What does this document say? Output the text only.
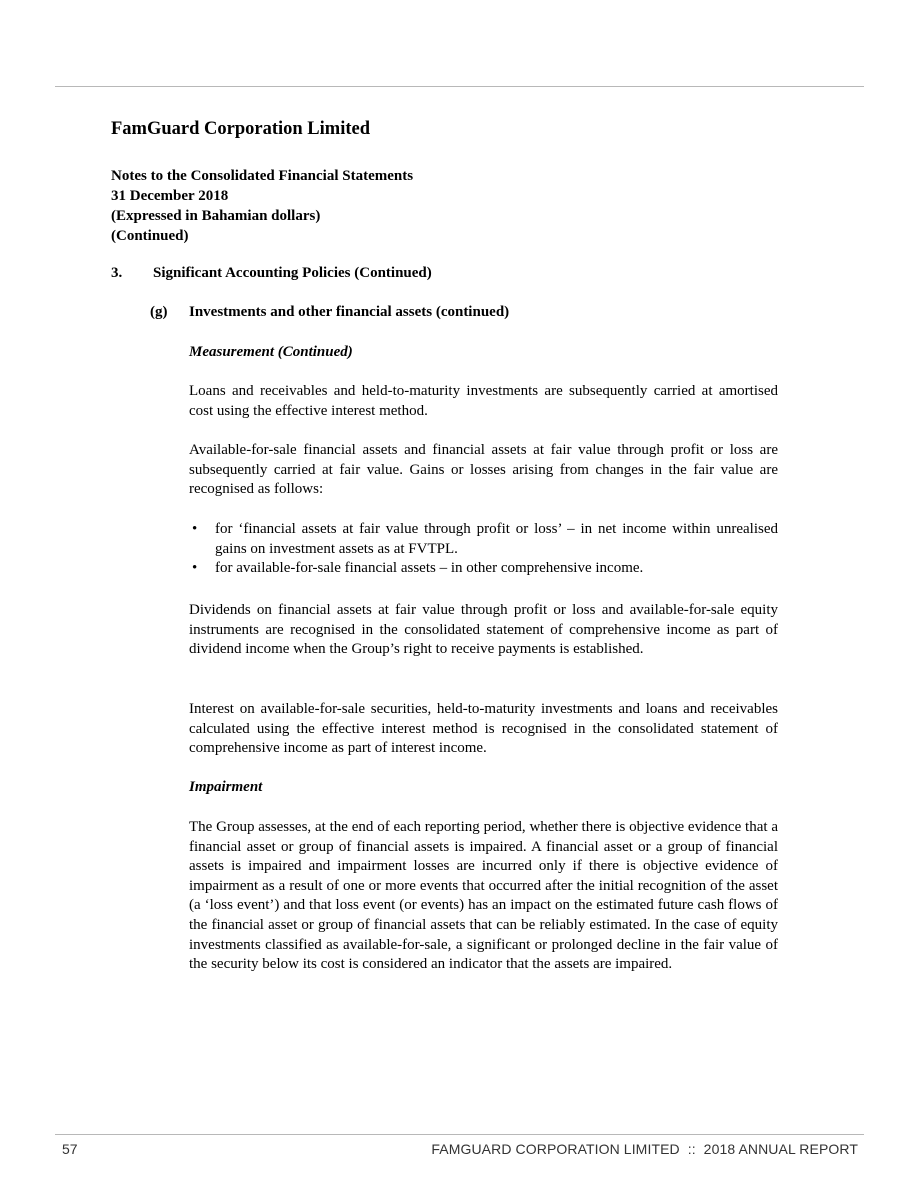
FamGuard Corporation Limited
Notes to the Consolidated Financial Statements
31 December 2018
(Expressed in Bahamian dollars)
(Continued)
3. Significant Accounting Policies (Continued)
(g) Investments and other financial assets (continued)
Measurement (Continued)

Loans and receivables and held-to-maturity investments are subsequently carried at amortised cost using the effective interest method.

Available-for-sale financial assets and financial assets at fair value through profit or loss are subsequently carried at fair value. Gains or losses arising from changes in the fair value are recognised as follows:

• for ‘financial assets at fair value through profit or loss’ – in net income within unrealised gains on investment assets as at FVTPL.
• for available-for-sale financial assets – in other comprehensive income.

Dividends on financial assets at fair value through profit or loss and available-for-sale equity instruments are recognised in the consolidated statement of comprehensive income as part of dividend income when the Group’s right to receive payments is established.

Interest on available-for-sale securities, held-to-maturity investments and loans and receivables calculated using the effective interest method is recognised in the consolidated statement of comprehensive income as part of interest income.

Impairment

The Group assesses, at the end of each reporting period, whether there is objective evidence that a financial asset or group of financial assets is impaired. A financial asset or a group of financial assets is impaired and impairment losses are incurred only if there is objective evidence of impairment as a result of one or more events that occurred after the initial recognition of the asset (a ‘loss event’) and that loss event (or events) has an impact on the estimated future cash flows of the financial asset or group of financial assets that can be reliably estimated. In the case of equity investments classified as available-for-sale, a significant or prolonged decline in the fair value of the security below its cost is considered an indicator that the assets are impaired.

57	FAMGUARD CORPORATION LIMITED  ::  2018 ANNUAL REPORT
